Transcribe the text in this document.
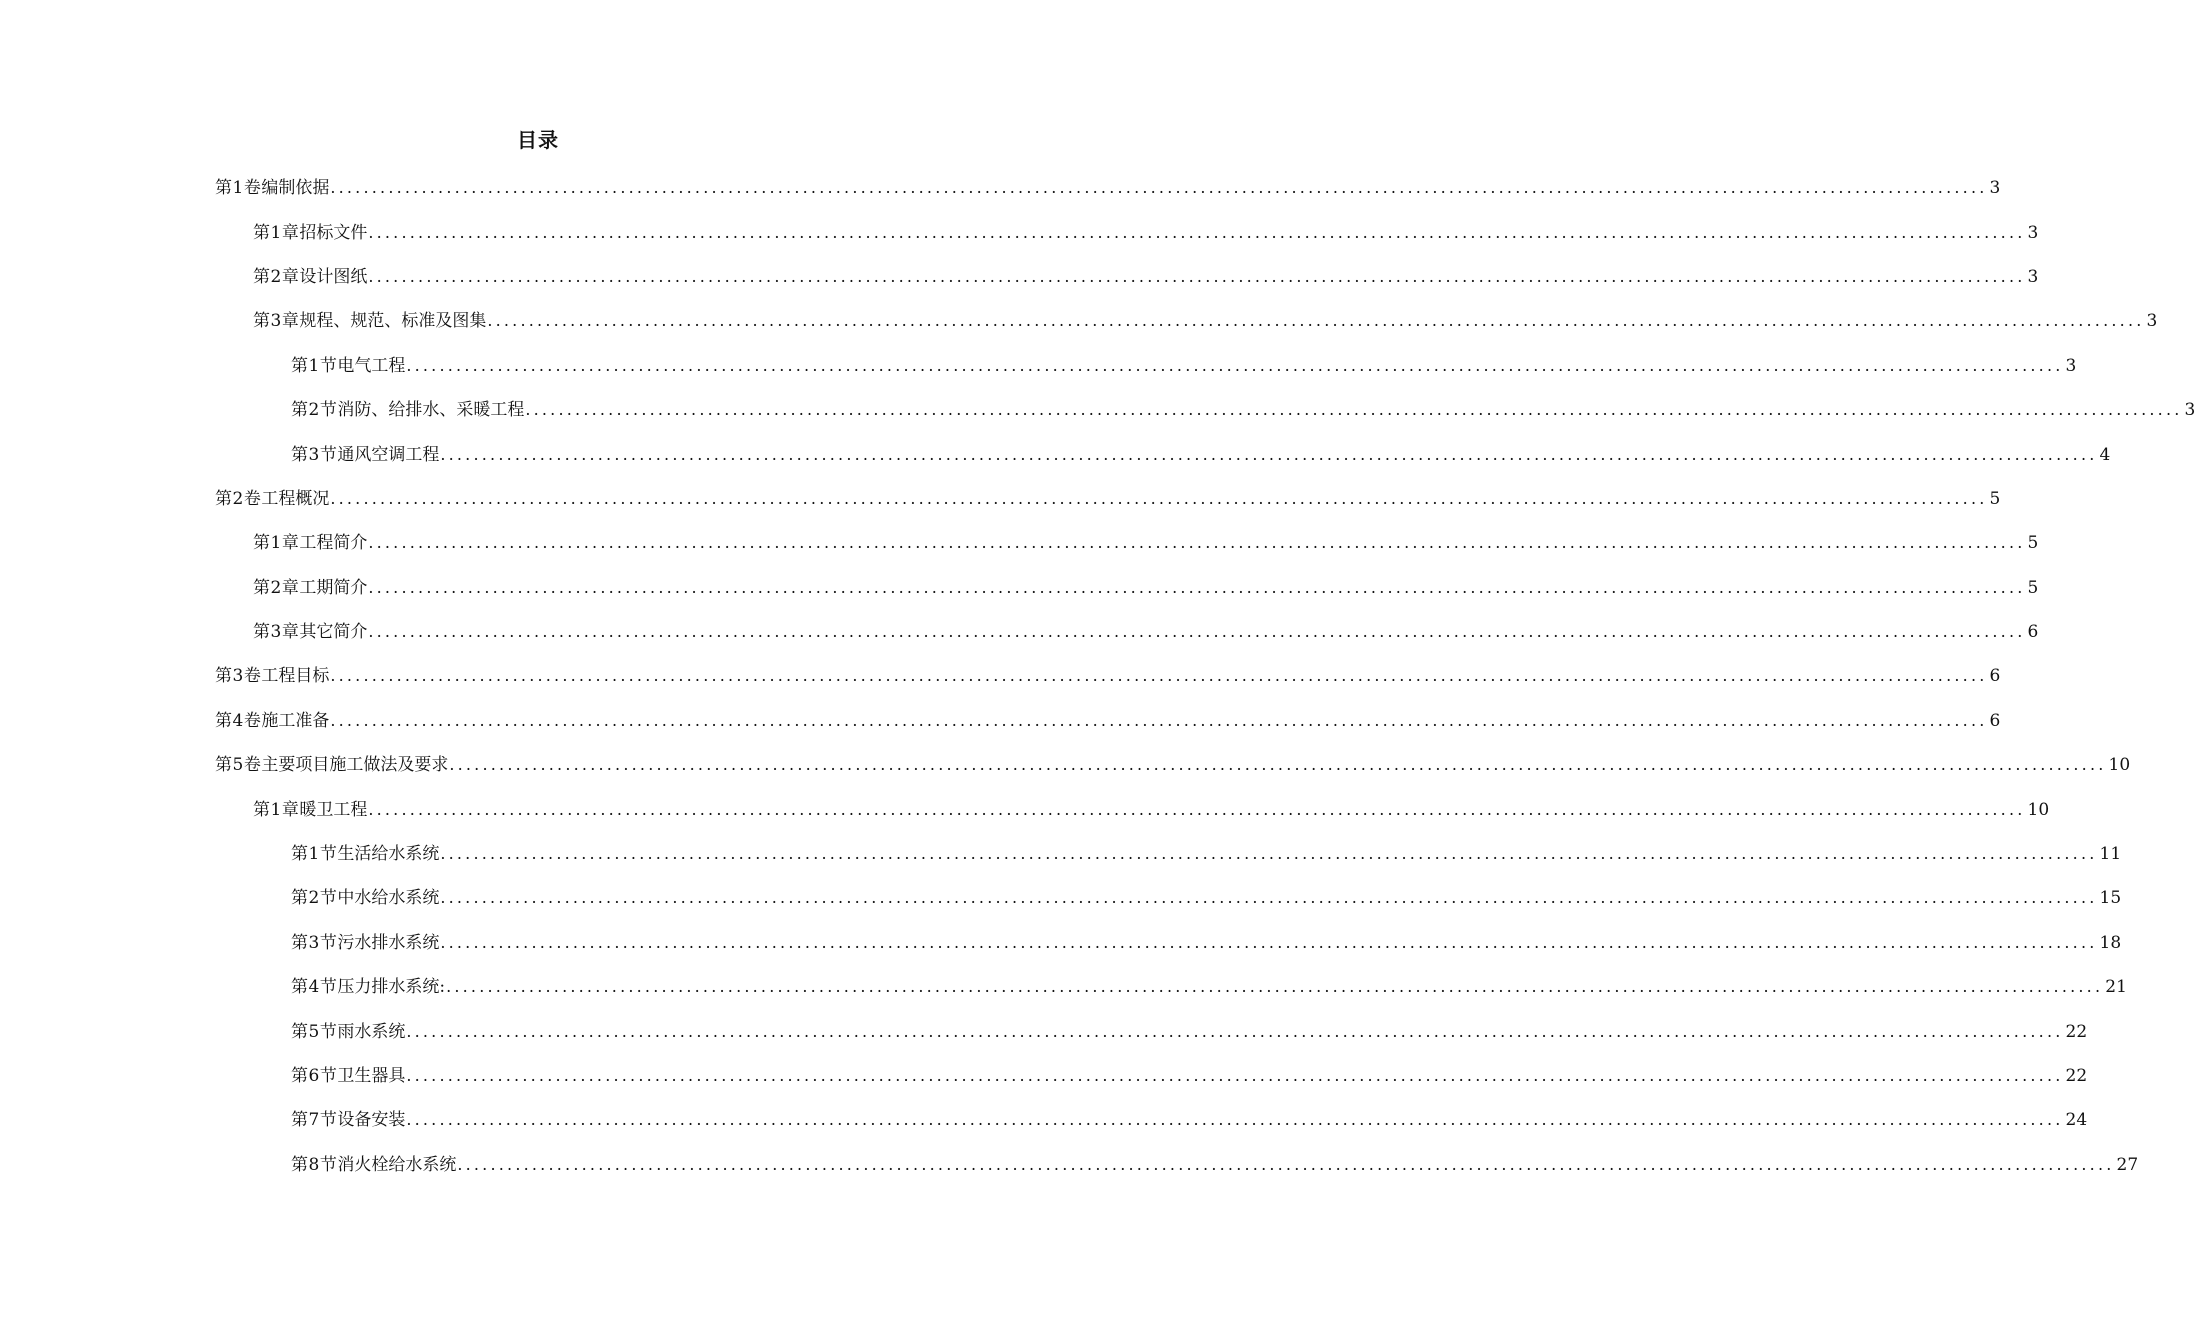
目录
第1卷 编制依据 ........................................................................................................................................................................................................ 3
第1章 招标文件 ........................................................................................................................................................................................................ 3
第2章 设计图纸 ........................................................................................................................................................................................................ 3
第3章 规程、规范、标准及图集 ........................................................................................................................................................................................................ 3
第1节 电气工程 ........................................................................................................................................................................................................ 3
第2节 消防、给排水、采暖工程 ........................................................................................................................................................................................................ 3
第3节 通风空调工程 ........................................................................................................................................................................................................ 4
第2卷 工程概况 ........................................................................................................................................................................................................ 5
第1章 工程简介 ........................................................................................................................................................................................................ 5
第2章 工期简介 ........................................................................................................................................................................................................ 5
第3章 其它简介 ........................................................................................................................................................................................................ 6
第3卷 工程目标 ........................................................................................................................................................................................................ 6
第4卷 施工准备 ........................................................................................................................................................................................................ 6
第5卷 主要项目施工做法及要求 ........................................................................................................................................................................................................ 10
第1章 暖卫工程 ........................................................................................................................................................................................................ 10
第1节 生活给水系统 ........................................................................................................................................................................................................ 11
第2节 中水给水系统 ........................................................................................................................................................................................................ 15
第3节 污水排水系统 ........................................................................................................................................................................................................ 18
第4节 压力排水系统: ........................................................................................................................................................................................................ 21
第5节 雨水系统 ........................................................................................................................................................................................................ 22
第6节 卫生器具 ........................................................................................................................................................................................................ 22
第7节 设备安装 ........................................................................................................................................................................................................ 24
第8节 消火栓给水系统 ........................................................................................................................................................................................................ 27
